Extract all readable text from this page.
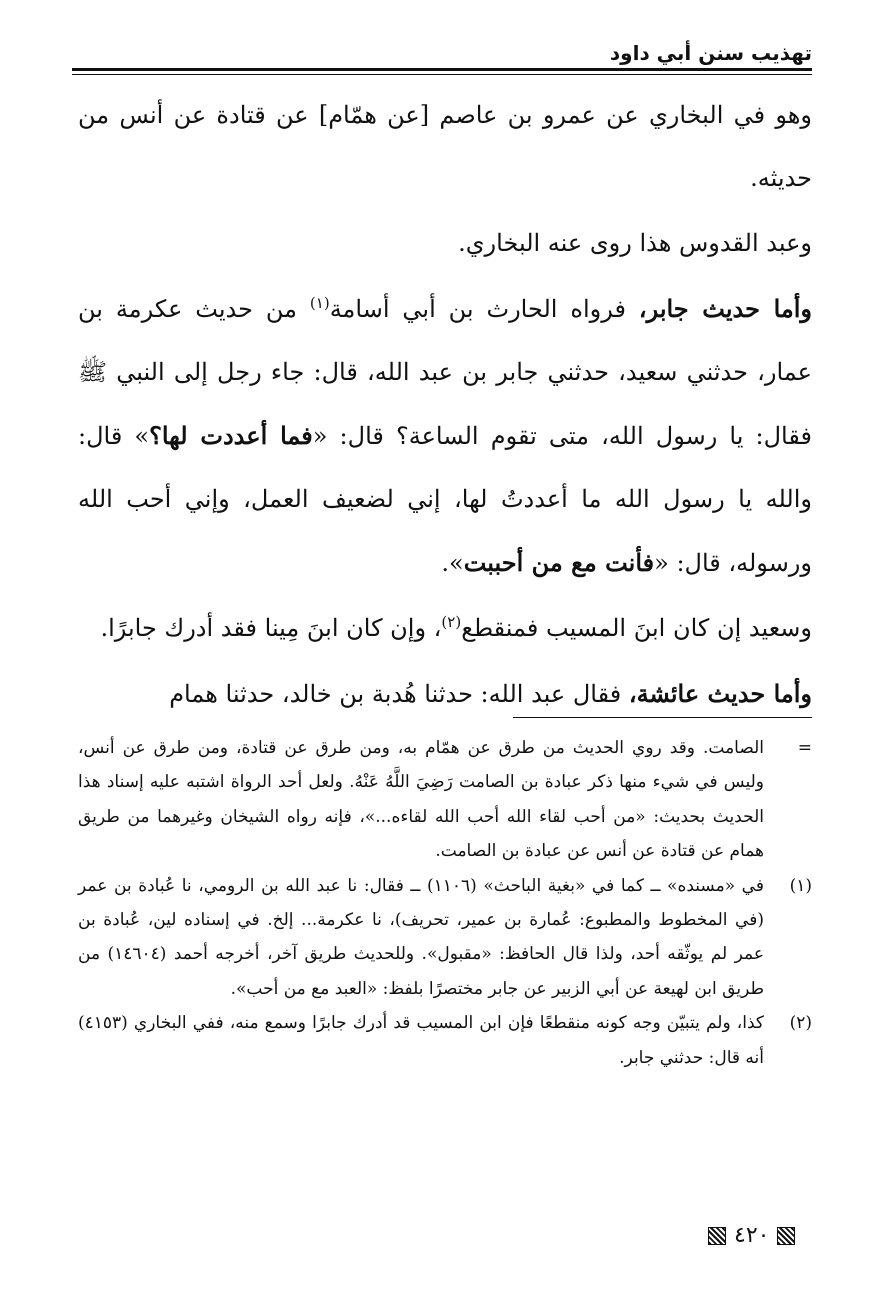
تهذيب سنن أبي داود

وهو في البخاري عن عمرو بن عاصم [عن همّام] عن قتادة عن أنس من حديثه.

وعبد القدوس هذا روى عنه البخاري.

وأما حديث جابر، فرواه الحارث بن أبي أسامة$^{(١)}$ من حديث عكرمة بن عمار، حدثني سعيد، حدثني جابر بن عبد الله، قال: جاء رجل إلى النبي ﷺ فقال: يا رسول الله، متى تقوم الساعة؟ قال: «فما أعددت لها؟» قال: والله يا رسول الله ما أعددتُ لها، إني لضعيف العمل، وإني أحب الله ورسوله، قال: «فأنت مع من أحببت».

وسعيد إن كان ابنَ المسيب فمنقطع$^{(٢)}$، وإن كان ابنَ مِينا فقد أدرك جابرًا.

وأما حديث عائشة، فقال عبد الله: حدثنا هُدبة بن خالد، حدثنا همام

=
الصامت. وقد روي الحديث من طرق عن همّام به، ومن طرق عن قتادة، ومن طرق عن أنس، وليس في شيء منها ذكر عبادة بن الصامت رَضِيَ اللَّهُ عَنْهُ. ولعل أحد الرواة اشتبه عليه إسناد هذا الحديث بحديث: «من أحب لقاء الله أحب الله لقاءه...»، فإنه رواه الشيخان وغيرهما من طريق همام عن قتادة عن أنس عن عبادة بن الصامت.

(١)
في «مسنده» ــ كما في «بغية الباحث» (١١٠٦) ــ فقال: نا عبد الله بن الرومي، نا عُبادة بن عمر (في المخطوط والمطبوع: عُمارة بن عمير، تحريف)، نا عكرمة... إلخ. في إسناده لين، عُبادة بن عمر لم يوثّقه أحد، ولذا قال الحافظ: «مقبول». وللحديث طريق آخر، أخرجه أحمد (١٤٦٠٤) من طريق ابن لهيعة عن أبي الزبير عن جابر مختصرًا بلفظ: «العبد مع من أحب».

(٢)
كذا، ولم يتبيّن وجه كونه منقطعًا فإن ابن المسيب قد أدرك جابرًا وسمع منه، ففي البخاري (٤١٥٣) أنه قال: حدثني جابر.

٤٢٠
